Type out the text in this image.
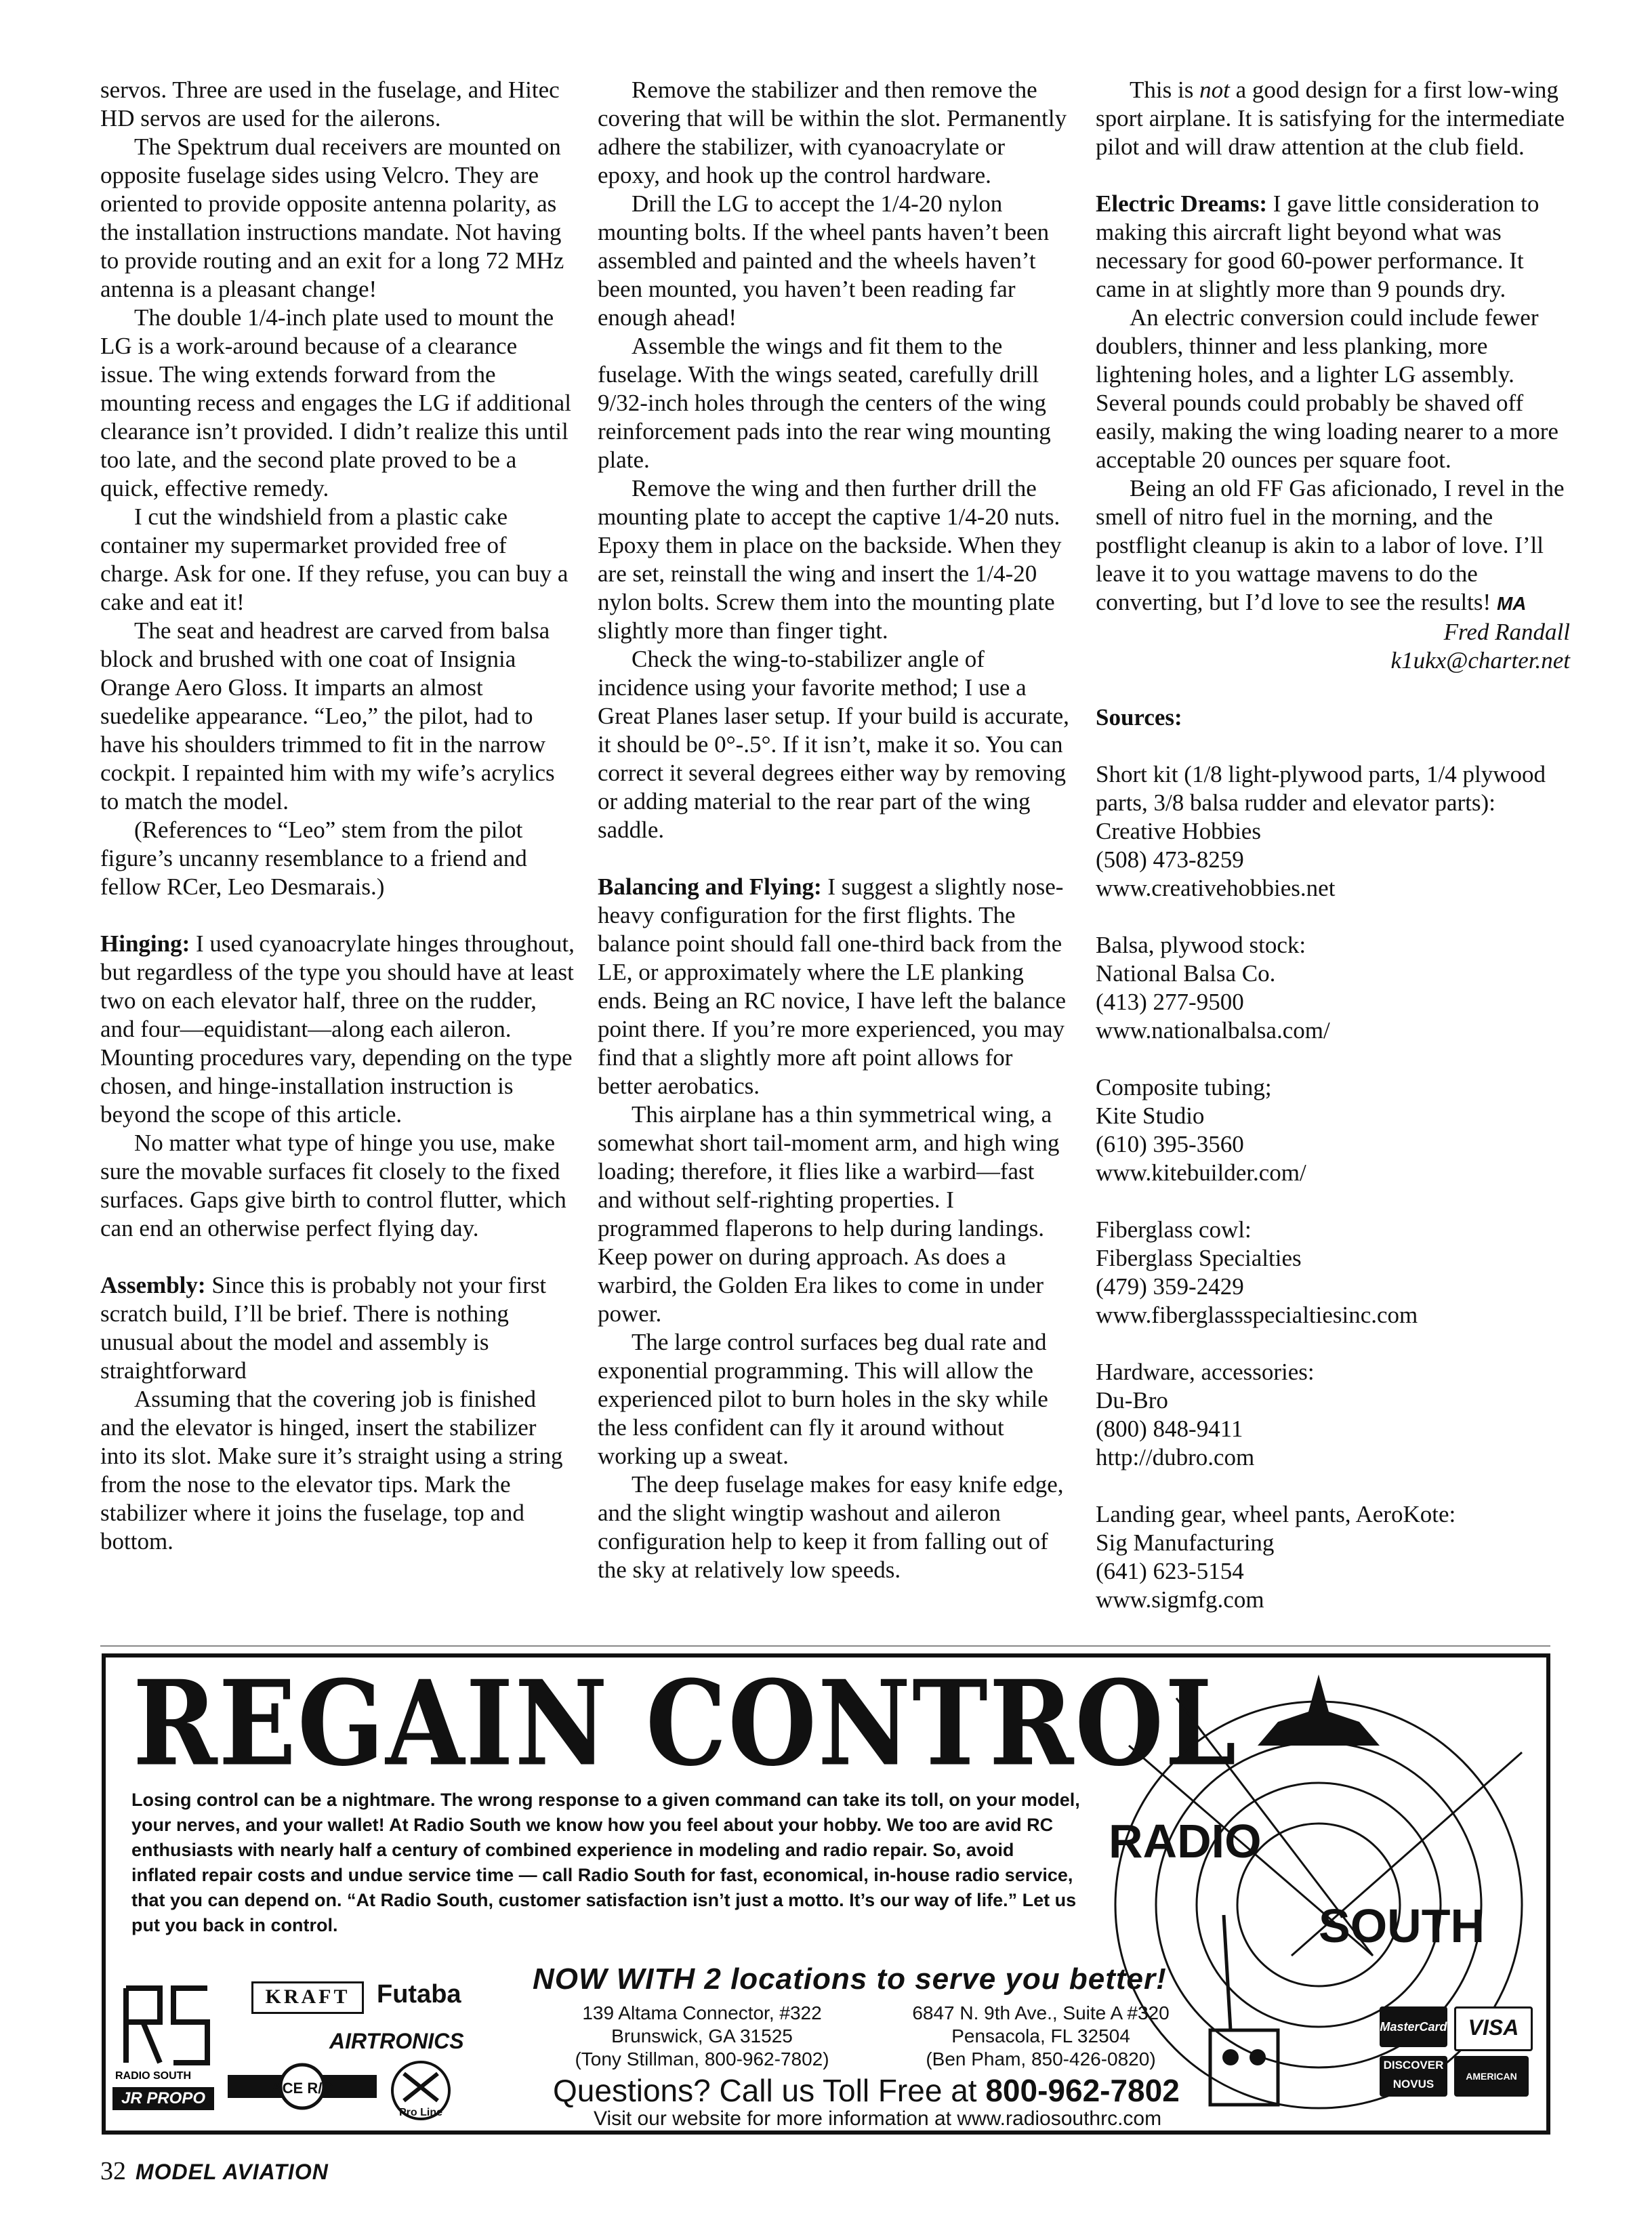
servos. Three are used in the fuselage, and Hitec HD servos are used for the ailerons.

The Spektrum dual receivers are mounted on opposite fuselage sides using Velcro. They are oriented to provide opposite antenna polarity, as the installation instructions mandate. Not having to provide routing and an exit for a long 72 MHz antenna is a pleasant change!

The double 1/4-inch plate used to mount the LG is a work-around because of a clearance issue. The wing extends forward from the mounting recess and engages the LG if additional clearance isn’t provided. I didn’t realize this until too late, and the second plate proved to be a quick, effective remedy.

I cut the windshield from a plastic cake container my supermarket provided free of charge. Ask for one. If they refuse, you can buy a cake and eat it!

The seat and headrest are carved from balsa block and brushed with one coat of Insignia Orange Aero Gloss. It imparts an almost suedelike appearance. “Leo,” the pilot, had to have his shoulders trimmed to fit in the narrow cockpit. I repainted him with my wife’s acrylics to match the model.

(References to “Leo” stem from the pilot figure’s uncanny resemblance to a friend and fellow RCer, Leo Desmarais.)

Hinging: I used cyanoacrylate hinges throughout, but regardless of the type you should have at least two on each elevator half, three on the rudder, and four—equidistant—along each aileron. Mounting procedures vary, depending on the type chosen, and hinge-installation instruction is beyond the scope of this article.

No matter what type of hinge you use, make sure the movable surfaces fit closely to the fixed surfaces. Gaps give birth to control flutter, which can end an otherwise perfect flying day.

Assembly: Since this is probably not your first scratch build, I’ll be brief. There is nothing unusual about the model and assembly is straightforward

Assuming that the covering job is finished and the elevator is hinged, insert the stabilizer into its slot. Make sure it’s straight using a string from the nose to the elevator tips. Mark the stabilizer where it joins the fuselage, top and bottom.

Remove the stabilizer and then remove the covering that will be within the slot. Permanently adhere the stabilizer, with cyanoacrylate or epoxy, and hook up the control hardware.

Drill the LG to accept the 1/4-20 nylon mounting bolts. If the wheel pants haven’t been assembled and painted and the wheels haven’t been mounted, you haven’t been reading far enough ahead!

Assemble the wings and fit them to the fuselage. With the wings seated, carefully drill 9/32-inch holes through the centers of the wing reinforcement pads into the rear wing mounting plate.

Remove the wing and then further drill the mounting plate to accept the captive 1/4-20 nuts. Epoxy them in place on the backside. When they are set, reinstall the wing and insert the 1/4-20 nylon bolts. Screw them into the mounting plate slightly more than finger tight.

Check the wing-to-stabilizer angle of incidence using your favorite method; I use a Great Planes laser setup. If your build is accurate, it should be 0°-.5°. If it isn’t, make it so. You can correct it several degrees either way by removing or adding material to the rear part of the wing saddle.

Balancing and Flying: I suggest a slightly nose-heavy configuration for the first flights. The balance point should fall one-third back from the LE, or approximately where the LE planking ends. Being an RC novice, I have left the balance point there. If you’re more experienced, you may find that a slightly more aft point allows for better aerobatics.

This airplane has a thin symmetrical wing, a somewhat short tail-moment arm, and high wing loading; therefore, it flies like a warbird—fast and without self-righting properties. I programmed flaperons to help during landings. Keep power on during approach. As does a warbird, the Golden Era likes to come in under power.

The large control surfaces beg dual rate and exponential programming. This will allow the experienced pilot to burn holes in the sky while the less confident can fly it around without working up a sweat.

The deep fuselage makes for easy knife edge, and the slight wingtip washout and aileron configuration help to keep it from falling out of the sky at relatively low speeds.

This is not a good design for a first low-wing sport airplane. It is satisfying for the intermediate pilot and will draw attention at the club field.

Electric Dreams: I gave little consideration to making this aircraft light beyond what was necessary for good 60-power performance. It came in at slightly more than 9 pounds dry.

An electric conversion could include fewer doublers, thinner and less planking, more lightening holes, and a lighter LG assembly. Several pounds could probably be shaved off easily, making the wing loading nearer to a more acceptable 20 ounces per square foot.

Being an old FF Gas aficionado, I revel in the smell of nitro fuel in the morning, and the postflight cleanup is akin to a labor of love. I’ll leave it to you wattage mavens to do the converting, but I’d love to see the results! MA

Fred Randall

k1ukx@charter.net

Sources:

Short kit (1/8 light-plywood parts, 1/4 plywood parts, 3/8 balsa rudder and elevator parts):

Creative Hobbies

(508) 473-8259

www.creativehobbies.net

Balsa, plywood stock:

National Balsa Co.

(413) 277-9500

www.nationalbalsa.com/

Composite tubing;

Kite Studio

(610) 395-3560

www.kitebuilder.com/

Fiberglass cowl:

Fiberglass Specialties

(479) 359-2429

www.fiberglassspecialtiesinc.com

Hardware, accessories:

Du-Bro

(800) 848-9411

http://dubro.com

Landing gear, wheel pants, AeroKote:

Sig Manufacturing

(641) 623-5154

www.sigmfg.com

REGAIN CONTROL
Losing control can be a nightmare. The wrong response to a given command can take its toll, on your model, your nerves, and your wallet! At Radio South we know how you feel about your hobby. We too are avid RC enthusiasts with nearly half a century of combined experience in modeling and radio repair. So, avoid inflated repair costs and undue service time — call Radio South for fast, economical, in-house radio service, that you can depend on. “At Radio South, customer satisfaction isn’t just a motto. It’s our way of life.” Let us put you back in control.
NOW WITH 2 locations to serve you better!
139 Altama Connector, #322
Brunswick, GA 31525
(Tony Stillman, 800-962-7802)
6847 N. 9th Ave., Suite A #320
Pensacola, FL 32504
(Ben Pham, 850-426-0820)
Questions? Call us Toll Free at 800-962-7802
Visit our website for more information at www.radiosouthrc.com
RADIO SOUTH
KRAFT	Futaba
AIRTRONICS
ACE R/C
Pro Line
JR PROPO
RADIO
SOUTH
MasterCard VISA
DISCOVER NOVUS
AMERICAN EXPRESS
32 MODEL AVIATION
